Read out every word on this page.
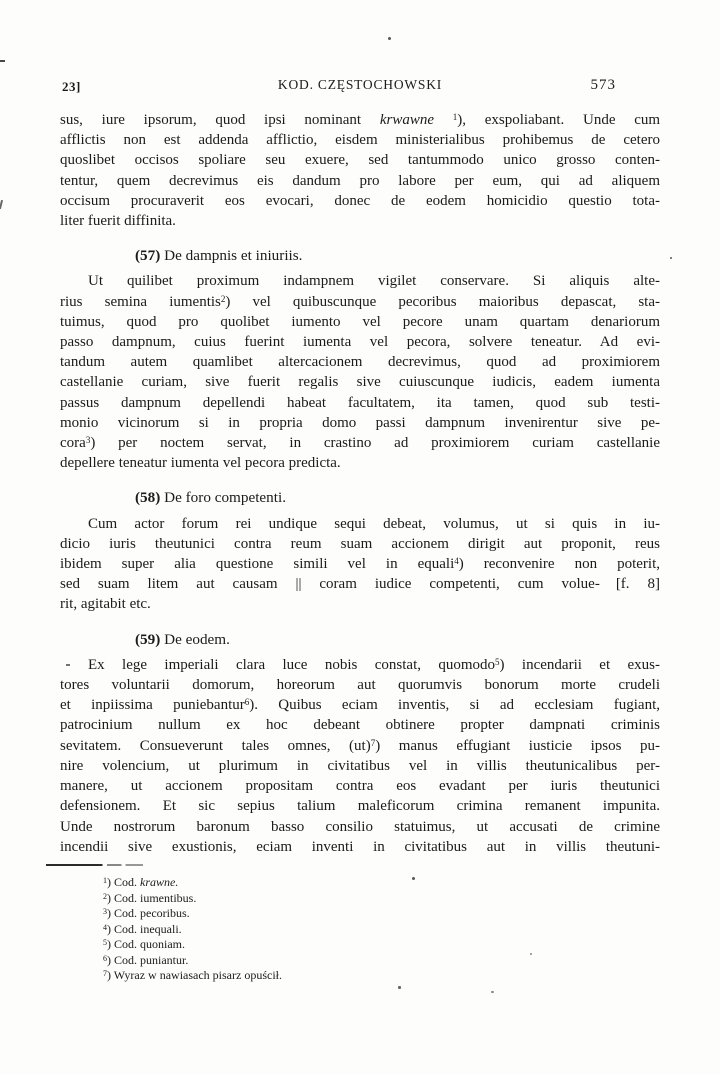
23]	KOD. CZĘSTOCHOWSKI	573
sus, iure ipsorum, quod ipsi nominant krwawne $^1$), exspoliabant. Unde cum
afflictis non est addenda afflictio, eisdem ministerialibus prohibemus de cetero
quoslibet occisos spoliare seu exuere, sed tantummodo unico grosso conten-
tentur, quem decrevimus eis dandum pro labore per eum, qui ad aliquem
occisum procuraverit eos evocari, donec de eodem homicidio questio tota-
liter fuerit diffinita.
(57) De dampnis et iniuriis.
Ut quilibet proximum indampnem vigilet conservare. Si aliquis alte-
rius semina iumentis$^2$) vel quibuscunque pecoribus maioribus depascat, sta-
tuimus, quod pro quolibet iumento vel pecore unam quartam denariorum
passo dampnum, cuius fuerint iumenta vel pecora, solvere teneatur. Ad evi-
tandum autem quamlibet altercacionem decrevimus, quod ad proximiorem
castellanie curiam, sive fuerit regalis sive cuiuscunque iudicis, eadem iumenta
passus dampnum depellendi habeat facultatem, ita tamen, quod sub testi-
monio vicinorum si in propria domo passi dampnum invenirentur sive pe-
cora$^3$) per noctem servat, in crastino ad proximiorem curiam castellanie
depellere teneatur iumenta vel pecora predicta.
(58) De foro competenti.
Cum actor forum rei undique sequi debeat, volumus, ut si quis in iu-
dicio iuris theutunici contra reum suam accionem dirigit aut proponit, reus
ibidem super alia questione simili vel in equali$^4$) reconvenire non poterit,
sed suam litem aut causam || coram iudice competenti, cum volue- [f. 8]
rit, agitabit etc.
(59) De eodem.
Ex lege imperiali clara luce nobis constat, quomodo$^5$) incendarii et exus-
tores voluntarii domorum, horeorum aut quorumvis bonorum morte crudeli
et inpiissima puniebantur$^6$). Quibus eciam inventis, si ad ecclesiam fugiant,
patrocinium nullum ex hoc debeant obtinere propter dampnati criminis
sevitatem. Consueverunt tales omnes, (ut)$^7$) manus effugiant iusticie ipsos pu-
nire volencium, ut plurimum in civitatibus vel in villis theutunicalibus per-
manere, ut accionem propositam contra eos evadant per iuris theutunici
defensionem. Et sic sepius talium maleficorum crimina remanent impunita.
Unde nostrorum baronum basso consilio statuimus, ut accusati de crimine
incendii sive exustionis, eciam inventi in civitatibus aut in villis theutuni-
$^1$) Cod. krawne.
$^2$) Cod. iumentibus.
$^3$) Cod. pecoribus.
$^4$) Cod. inequali.
$^5$) Cod. quoniam.
$^6$) Cod. puniantur.
$^7$) Wyraz w nawiasach pisarz opuścił.
